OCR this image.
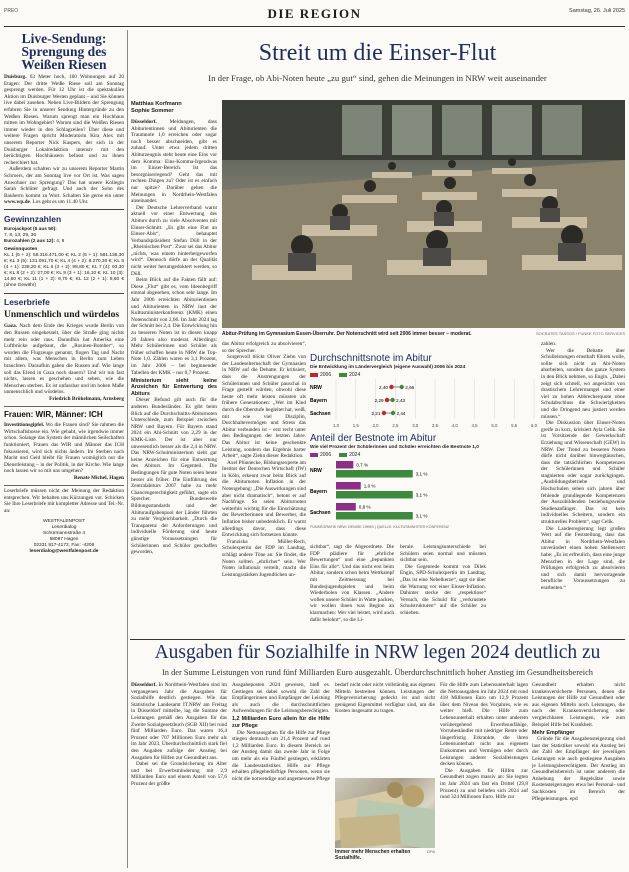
PREO	DIE REGION	Samstag, 26. Juli 2025
Live-Sendung: Sprengung des Weißen Riesen
Duisburg. 63 Meter hoch, 160 Wohnungen auf 20 Etagen: Der dritte Weiße Riese soll am Sonntag gesprengt werden. Für 12 Uhr ist die spektakuläre Aktion im Duisburger Westen geplant – und Sie können live dabei zusehen. Neben Live-Bildern der Sprengung erfahren Sie in unserer Sendung Hintergründe zu den Weißen Riesen. Warum sprengt man ein Hochhaus mitten im Wohngebiet? Warum sind die Weißen Riesen immer wieder in den Schlagzeilen? Über diese und weitere Fragen spricht Moderatorin Kira Alex mit unserem Reporter Nick Kaspers, der sich in der Duisburger Lokalredaktion intensiv mit den berüchtigten Hochhäusern befasst und zu ihnen recherchiert hat.
Außerdem schalten wir zu unserem Reporter Martin Schroers, der am Sonntag live vor Ort ist. Was sagen Anwohner zur Sprengung? Das hat unsere Kollegin Sarah Schlüter gefragt. Und auch der Sohn des Bauherrn kommt zu Wort. Schalten Sie gerne ein unter www.wp.de. Los geht es um 11.40 Uhr.
Gewinnzahlen
Eurojackpot (5 aus 50):
7, 8, 13, 29, 36
Eurozahlen (2 aus 12): 4, 8
Gewinnquoten
KL 1 (5 + 2): 58.316.471,00 €; KL 2 (5 + 1): 581.138,30 €; KL 3 (5): 131.091,70 €; KL 4 (4 + 2): 8.270,30 €; KL 5 (4 + 1): 238,20 €; KL 6 (3 + 2): 98,80 €; KL 7 (4): 93,30 €; KL 8 (2 + 2): 27,00 €; KL 9 (3 + 1): 16,10 €; KL 10 (3): 14,60 €; KL 11 (1 + 2): 9,70 €; KL 12 (2 + 1): 8,60 € (ohne Gewähr)
Leserbriefe
Unmenschlich und würdelos
Gaza. Nach dem Ende des Krieges wurde Berlin von den Russen eingekesselt, über die Straße ging nichts mehr rein oder raus. Daraufhin hat Amerika eine Luftbrücke aufgebaut, die „Rosinen-Bomber“, so wurden die Flugzeuge genannt, flogen Tag und Nacht mit allem, was Menschen in Berlin zum Leben brauchten. Daraufhin gaben die Russen auf. Wie lange soll das Elend in Gaza noch dauern? Und wir tun fast nichts, lassen es geschehen und sehen, wie die Menschen sterben. Es ist unfassbar und im hohen Maße unmenschlich und würdelos.
Friedrich Brökelmann, Arnsberg
Frauen: WIR, Männer: ICH
Investitionsgipfel. Wo die Frauen sind? Sie rahmen die Wirtschaftsbosse ein. Wie gehabt, wie irgendwie immer schon. Solange das System der männlichen Seilschaften funktioniert, Frauen das WIR und Männer das ICH fokussieren, wird sich nichts ändern. Im Sterben nach Macht und Geld bleibt für Frauen womöglich nur die Dienstleistung – in der Politik, in der Kirche. Wie lange noch lassen wir so mit uns umgehen?
Renate Michel, Hagen
Leserbriefe müssen nicht der Meinung der Redaktion entsprechen. Wir behalten uns Kürzungen vor. Schicken Sie Ihre Leserbriefe mit kompletter Adresse und Tel.-Nr. an:
WESTFALENPOST
Leserdialog
Schürmannstraße 4
58097 Hagen
02331 917-4172, Fax: -4206
leserdialog@westfalenpost.de
Streit um die Einser-Flut
In der Frage, ob Abi-Noten heute „zu gut“ sind, gehen die Meinungen in NRW weit auseinander
Matthias Korfmann
Sophie Sommer
Düsseldorf. Meldungen, dass Abiturientinnen und Abiturienten die Traumnote 1,0 erreichen oder sogar noch besser abschneiden, gibt es zuhauf. Unter etwa jedem dritten Abiturzeugnis steht heute eine Eins vor dem Komma: Eins-Komma-Irgendwas im Einser-Bereich. Ist das besorgniserregend? Geht das mit rechten Dingen zu? Oder ist es einfach nur spitze? Darüber gehen die Meinungen in Nordrhein-Westfalen auseinander.
Der Deutsche Lehrerverband warnt aktuell vor einer Entwertung des Abiturs durch zu viele Absolventen mit Einser-Schnitt. „Es gibt eine Flut an Einser-Abis“, behauptet Verbandspräsident Stefan Düll in der „Rheinischen Post“. Zwar sei das Abitur „nichts, was einem hinterhergeworfen wird“. Dennoch dürfe an der Qualität nicht weiter herumgedoktert werden, so Düll.
Beim Blick auf die Fakten fällt auf: Diese „Flut“ gibt es, vom Ideenbegriff einmal abgesehen, schon sehr lange. Im Jahr 2006 erreichten Abiturientinnen und Abiturienten in NRW laut der Kultusministerkonferenz (KMK) einen Notenschnitt von 2,66. Im Jahr 2024 lag der Schnitt bei 2,4. Die Entwicklung hin zu besseren Noten ist in diesen knapp 20 Jahren also moderat. Allerdings: Mehr Schülerinnen und Schüler als früher schaffen heute in NRW die Top-Note 1,0. Zählen waren es 3,1 Prozent, im Jahr 2006 – bei beginnender Tabellen der KMK – nur 0,7 Prozent.
Ministerium sieht keine Anzeichen für Entwertung des Abiturs
Dieser Befund gilt auch für die anderen Bundesländer. Es gibt beim Blick auf die Durchschnitts-Abiturnoten Unterschiede, zum Beispiel zwischen NRW und Bayern. Für Bayern stand 2024 ein Abi-Schnitt von 2,29 in der KMK-Liste. Der ist aber nur unwesentlich besser als die 2,4 in NRW. Das NRW-Schulministerium sieht gar keine Anzeichen für eine Entwertung des Abiturs. Im Gegenteil. Die Bedingungen für gute Noten seien heute besser als früher. Die Einführung des Zentralabiturs 2007 habe zu mehr Chancengerechtigkeit geführt, sagte ein Sprecher. Bundesweite Bildungsstandards und der Abituraufgabenpool der Länder führten zu mehr Vergleichbarkeit. „Durch die Transparenz der Anforderungen und individuelle Förderung sind heute günstige Voraussetzungen für Schülerinnen und Schüler geschaffen geworden,
Abitur-Prüfung im Gymnasium Essen-Überruhr. Der Notenschnitt wird seit 2006 immer besser – moderat.	SOCRATES TASSOS / FUNKE FOTO SERVICES
das Abitur erfolgreich zu absolvieren“, so der Sprecher.
Sorgenvoll blickt Oliver Ziehn von der Landeselternschaft der Gymnasien in NRW auf die Debatte. Er kritisiert, dass die Anstrengungen der Schülerinnen und Schüler pauschal in Frage gestellt würden, obwohl diese heute oft mehr leisten müssten als frühere Generationen: „Wer im Kind durch die Oberstufe begleitet hat, weiß, mit wie viel Disziplin, Durchhaltevermögen und Stress das Abitur verbunden ist – erst recht unter den Bedingungen der letzten Jahre. Das Abitur ist keine geschenkte Leistung, sondern das Ergebnis harter Arbeit“, sagte Ziehn dieser Redaktion.
Axel Plünnecke, Bildungsexperte am Institut der Deutschen Wirtschaft (IW) in Köln, erkennt zwar beim Blick auf die Abiturnoten Inflation in der Notengebung: „Die Auswirkungen sind aber nicht dramatisch“, betont er auf Nachfrage. So seien Abiturnoten weiterhin wichtig für die Einschätzung der Bewerberinnen und Bewerber, die Inflation bisher unbedenklich. Er warnt allerdings davor, dass diese Entwicklung sich fortsetzen könnte.
Franziska Müller-Rech, Schulexpertin der FDP im Landtag, schlägt andere Töne an: Sie findet, die Noten sollten „ehrlicher“ sein. Wer Noten inflationär verteilt, macht die Leistungsstärken Jugendlichen un-
sichtbar“, sagt die Abgeordnete. Die FDP plädiere für „ehrliche Bewertungen“ und eine „bepunkten Eins für alle“. Und das nicht erst beim Abitur, sondern schon beim Wettkampf mit Zeitmessung bei Bundesjugendspielen und beim Wiederholen von Klassen. „Andere wollen unsere Schüler in Watte packen, wir wollen ihnen was Beginn an klarmachen: Wer viel leistet, wird auch dafür belohnt“, so die Li-
berale. Leistungsunterschiede bei Schülern seien normal und müssten sichtbar sein.
Die Gegenrede kommt von Dilek Engin, SPD-Schulexpertin im Landtag. „Das ist eine Nebelkerze“, sagt sie über die Warnung vor einer Einser-Inflation. Dahinter stecke der „respektlose“ Versuch, die Schuld für „verkrustete Schulstrukturen“ auf die Schüler zu schieben.
zahlen.
Wer die Debatte über Schulleistungen ernsthaft führen wolle, sollte sich nicht an Abi-Noten abarbeiten, sondern das ganze System in den Blick nehmen, so Engin. „Dabei zeigt sich schnell, wo angesichts von drastischem Lehrermangel und einer viel zu hohen Abbrecherquote ohne Schulabschluss die Schwierigkeiten und die Dringend neu justiert werden müssen.“
Die Diskussion über Einser-Noten greife zu kurz, kritisiert Ayla Celik. Sie ist Vorsitzende der Gewerkschaft Erziehung und Wissenschaft (GEW) in NRW. Der Trend zu besseren Noten dürfe nicht darüber hinwegtäuschen, dass die tatsächlichen Kompetenzen der Schülerinnen und Schüler stagnierten oder sogar zurückgingen. „Ausbildungsbetriebe und Hochschulen sehen sich jahren über fehlende grundlegende Kompetenzen der Auszubildenden beziehungsweise Studienanfänger. Das ist kein individuelles Scheitern, sondern ein strukturelles Problem“, sagt Celik.
Die Landesregierung legt großen Wert auf die Feststellung, dass das Abitur in Nordrhein-Westfalen unverändert einen hohen Stellenwert habe: „Es ist erfreulich, dass eine junge Menschen in der Lage sind, die Prüfungen erfolgreich zu absolvieren und sich damit hervorragende berufliche Voraussetzungen zu erarbeiten.“
Durchschnittsnote im Abitur
Die Entwicklung im Ländervergleich (eigene Auswahl) 2006 bis 2024
2006	2024
1,0	1,5	2,0	2,5	3,0	3,5	4,0	4,5	5,0	5,5	6,0
NRW	2,40	2,66
Bayern	2,29	2,43
Sachsen	2,21	2,44
Anteil der Bestnote im Abitur
Wie viel Prozent der Schülerinnen und Schüler erreichten die Bestnote 1,0
2006	2024
NRW
0,7 %
3,1 %
Bayern
1,0 %
3,1 %
Sachsen
0,8 %
3,1 %
FUNKEGRAFIK NRW: DENISE OHMS | QUELLE: KULTUSMINISTER KONFERENZ
Ausgaben für Sozialhilfe in NRW legen 2024 deutlich zu
In der Summe Leistungen von rund fünf Milliarden Euro ausgezahlt. Überdurchschnittlich hoher Anstieg im Gesundheitsbereich
Düsseldorf. In Nordrhein-Westfalen sind im vergangenen Jahr die Ausgaben für Sozialhilfe deutlich gestiegen. Wie das Statistische Landesamt IT.NRW am Freitag in Düsseldorf mitteilte, lag die Summe der Leistungen gemäß den Ausgaben für das Zweite Sozialgesetzbuch (SGB XII) bei rund fünf Milliarden Euro. Das waren 16,4 Prozent oder 707 Millionen Euro mehr als im Jahr 2023. Überdurchschnittlich stark fiel den Angaben zufolge der Anstieg bei Ausgaben für Hilfen zur Gesundheit aus.
Dabei sei die Grundsicherung im Alter und bei Erwerbsminderung mit 2,9 Milliarden Euro und einem Anteil von 57,6 Prozent der größte
Ausgabeposten 2024 gewesen, hieß es. Gestiegen sei dabei sowohl die Zahl der Empfängerinnen und Empfänger der Leistung als auch die durchschnittlichen Aufwendungen für die Leistungsberechtigten.
1,2 Milliarden Euro allein für die Hilfe zur Pflege
Die Nettoausgaben für die Hilfe zur Pflege stiegen demnach um 21,4 Prozent auf rund 1,2 Milliarden Euro. In diesem Bereich sei der Anstieg damit das zweite Jahr in Folge um mehr als ein Fünftel gestiegen, erklärten die Landesstatistiker. Hilfe zur Pflege erhalten pflegebedürftige Personen, wenn sie nicht die notwendige und angemessene Pflege
bedarf nicht oder nicht vollständig aus eigenen Mitteln bestreiten können. Leistungen der Pflegeversicherung gedeckt ist und nicht genügend Eigenmittel verfügbar sind, um die Kosten insgesamt zu tragen.
Für die Hilfe zum Lebensunterhalt lagen die Nettoausgaben im Jahr 2024 mit rund 418 Millionen Euro um 12,9 Prozent über dem Niveau des Vorjahres, wie es weiter hieß. Die Hilfe zum Lebensunterhalt erhalten unter anderem vorübergehend Erwerbsunfähige, Vorruheständler mit niedriger Rente oder längerfristig Erkrankte, die ihren Lebensunterhalt nicht aus eigenem Einkommen und Vermögen oder durch Leistungen anderer Sozialleistungen decken können.
Die Ausgaben für Hilfen zur Gesundheit zogen massiv an: Sie legten im Jahr 2024 um fast ein Drittel (29,8 Prozent) zu und beliefen sich 2024 auf rund 324 Millionen Euro. Hilfe zur
Gesundheit erhalten nicht krankenversicherte Personen, denen die Leistungen der Hilfe zur Gesundheit oder aus eigenen Mitteln noch Leistungen, die nach der Krankenversicherung oder vergleichbaren Leistungen, wie zum Beispiel Hilfe bei Krankheit.
Mehr Empfänger
Gründe für die Ausgabensteigerung sind laut der Statistiker sowohl ein Anstieg bei der Zahl der Empfänger der jeweiligen Leistungen wie auch gestiegene Ausgaben je Leistungsberechtigtem. Der Anstieg im Gesundheitsbereich ist unter anderem die Anhebung der Regelsätze sowie Kostensteigerungen etwa bei Personal- und Sachkosten im Bereich der Pflegeleistungen. epd
Immer mehr Menschen erhalten Sozialhilfe.
DPA
